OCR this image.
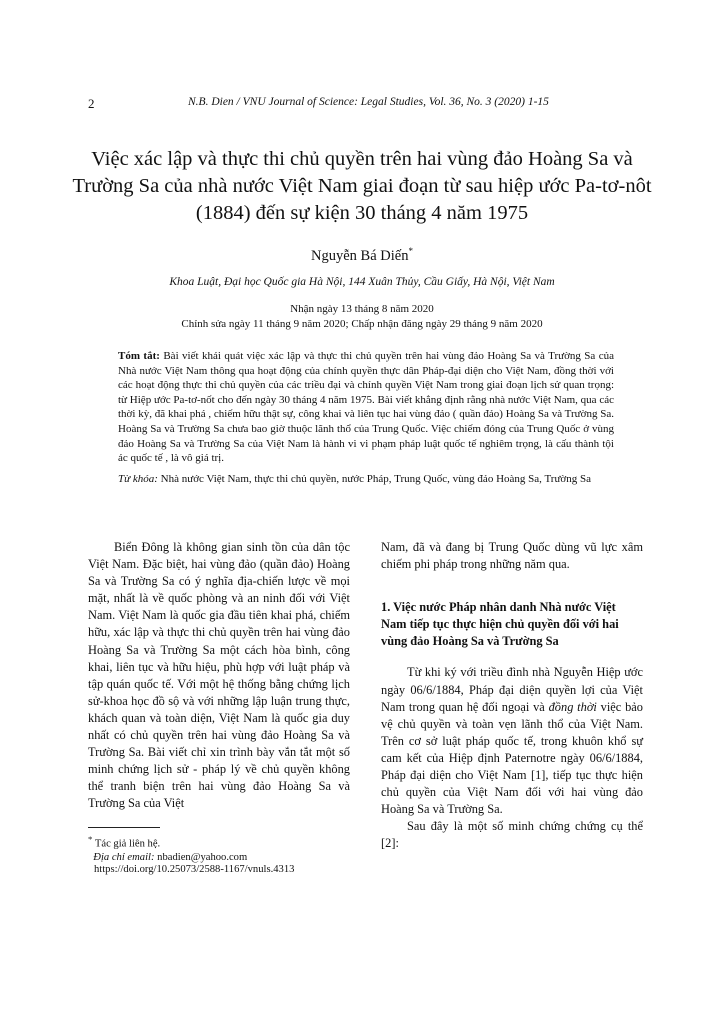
2	N.B. Dien / VNU Journal of Science: Legal Studies, Vol. 36, No. 3 (2020) 1-15
Việc xác lập và thực thi chủ quyền trên hai vùng đảo Hoàng Sa và Trường Sa của nhà nước Việt Nam giai đoạn từ sau hiệp ước Pa-tơ-nôt (1884) đến sự kiện 30 tháng 4 năm 1975
Nguyễn Bá Diến*
Khoa Luật, Đại học Quốc gia Hà Nội, 144 Xuân Thủy, Cầu Giấy, Hà Nội, Việt Nam
Nhận ngày 13 tháng 8 năm 2020
Chỉnh sửa ngày 11 tháng 9 năm 2020; Chấp nhận đăng ngày 29 tháng 9 năm 2020

Tóm tắt: Bài viết khái quát việc xác lập và thực thi chủ quyền trên hai vùng đảo Hoàng Sa và Trường Sa của Nhà nước Việt Nam thông qua hoạt động của chính quyền thực dân Pháp-đại diện cho Việt Nam, đồng thời với các hoạt động thực thi chủ quyền của các triều đại và chính quyền Việt Nam trong giai đoạn lịch sử quan trọng: từ Hiệp ước Pa-tơ-nốt cho đến ngày 30 tháng 4 năm 1975. Bài viết khẳng định rằng nhà nước Việt Nam, qua các thời kỳ, đã khai phá , chiếm hữu thật sự, công khai và liên tục hai vùng đảo ( quần đảo) Hoàng Sa và Trường Sa. Hoàng Sa và Trường Sa chưa bao giờ thuộc lãnh thổ của Trung Quốc. Việc chiếm đóng của Trung Quốc ở vùng đảo Hoàng Sa và Trường Sa của Việt Nam là hành vi vi phạm pháp luật quốc tế nghiêm trọng, là cấu thành tội ác quốc tế , là vô giá trị.

Từ khóa: Nhà nước Việt Nam, thực thi chủ quyền, nước Pháp, Trung Quốc, vùng đảo Hoàng Sa, Trường Sa

Biển Đông là không gian sinh tồn của dân tộc Việt Nam. Đặc biệt, hai vùng đảo (quần đảo) Hoàng Sa và Trường Sa có ý nghĩa địa-chiến lược về mọi mặt, nhất là về quốc phòng và an ninh đối với Việt Nam. Việt Nam là quốc gia đầu tiên khai phá, chiếm hữu, xác lập và thực thi chủ quyền trên hai vùng đảo Hoàng Sa và Trường Sa một cách hòa bình, công khai, liên tục và hữu hiệu, phù hợp với luật pháp và tập quán quốc tế. Với một hệ thống bằng chứng lịch sử-khoa học đồ sộ và với những lập luận trung thực, khách quan và toàn diện, Việt Nam là quốc gia duy nhất có chủ quyền trên hai vùng đảo Hoàng Sa và Trường Sa. Bài viết chỉ xin trình bày vắn tắt một số minh chứng lịch sử - pháp lý về chủ quyền không thể tranh biện trên hai vùng đảo Hoàng Sa và Trường Sa của Việt

Nam, đã và đang bị Trung Quốc dùng vũ lực xâm chiếm phi pháp trong những năm qua.

1. Việc nước Pháp nhân danh Nhà nước Việt Nam tiếp tục thực hiện chủ quyền đối với hai vùng đảo Hoàng Sa và Trường Sa

Từ khi ký với triều đình nhà Nguyễn Hiệp ước ngày 06/6/1884, Pháp đại diện quyền lợi của Việt Nam trong quan hệ đối ngoại và đồng thời việc bảo vệ chủ quyền và toàn vẹn lãnh thổ của Việt Nam. Trên cơ sở luật pháp quốc tế, trong khuôn khổ sự cam kết của Hiệp định Paternotre ngày 06/6/1884, Pháp đại diện cho Việt Nam [1], tiếp tục thực hiện chủ quyền của Việt Nam đối với hai vùng đảo Hoàng Sa và Trường Sa.

Sau đây là một số minh chứng chứng cụ thể [2]:

* Tác giả liên hệ.

Địa chỉ email: nbadien@yahoo.com

https://doi.org/10.25073/2588-1167/vnuls.4313
